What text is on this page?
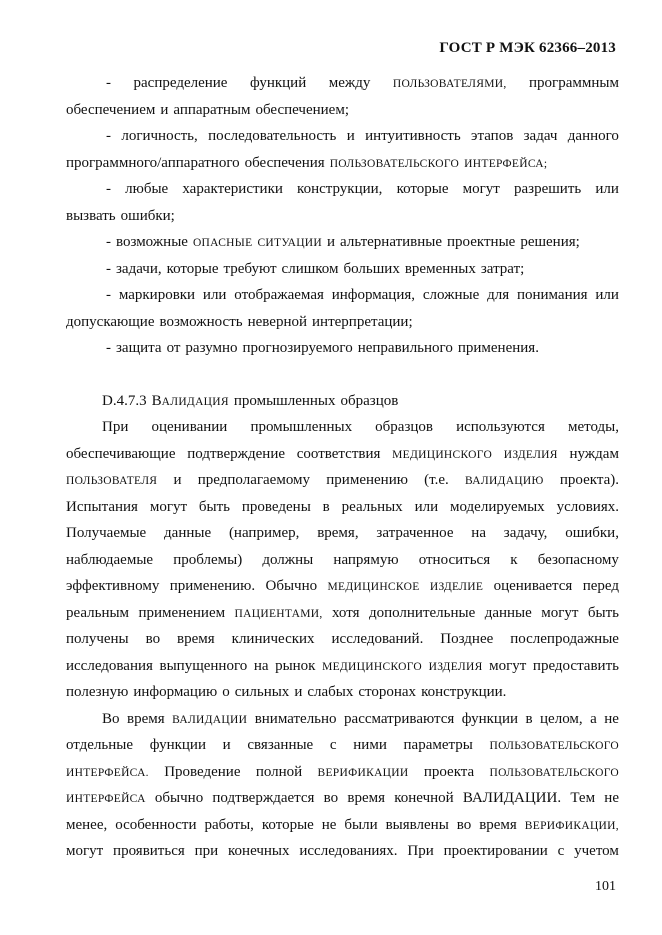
ГОСТ Р МЭК 62366–2013
- распределение функций между ПОЛЬЗОВАТЕЛЯМИ, программным
обеспечением и аппаратным обеспечением;
- логичность, последовательность и интуитивность этапов задач данного
программного/аппаратного обеспечения ПОЛЬЗОВАТЕЛЬСКОГО ИНТЕРФЕЙСА;
- любые характеристики конструкции, которые могут разрешить или
вызвать ошибки;
- возможные ОПАСНЫЕ СИТУАЦИИ и альтернативные проектные решения;
- задачи, которые требуют слишком больших временных затрат;
- маркировки или отображаемая информация, сложные для понимания или
допускающие возможность неверной интерпретации;
- защита от разумно прогнозируемого неправильного применения.
D.4.7.3 ВАЛИДАЦИЯ промышленных образцов
При оценивании промышленных образцов используются методы,
обеспечивающие подтверждение соответствия МЕДИЦИНСКОГО ИЗДЕЛИЯ нуждам
ПОЛЬЗОВАТЕЛЯ и предполагаемому применению (т.е. ВАЛИДАЦИЮ проекта).
Испытания могут быть проведены в реальных или моделируемых условиях.
Получаемые данные (например, время, затраченное на задачу, ошибки,
наблюдаемые проблемы) должны напрямую относиться к безопасному
эффективному применению. Обычно МЕДИЦИНСКОЕ ИЗДЕЛИЕ оценивается перед
реальным применением ПАЦИЕНТАМИ, хотя дополнительные данные могут быть
получены во время клинических исследований. Позднее послепродажные
исследования выпущенного на рынок МЕДИЦИНСКОГО ИЗДЕЛИЯ могут предоставить
полезную информацию о сильных и слабых сторонах конструкции.
Во время ВАЛИДАЦИИ внимательно рассматриваются функции в целом, а не
отдельные функции и связанные с ними параметры ПОЛЬЗОВАТЕЛЬСКОГО
ИНТЕРФЕЙСА. Проведение полной ВЕРИФИКАЦИИ проекта ПОЛЬЗОВАТЕЛЬСКОГО
ИНТЕРФЕЙСА обычно подтверждается во время конечной ВАЛИДАЦИИ. Тем не
менее, особенности работы, которые не были выявлены во время ВЕРИФИКАЦИИ,
могут проявиться при конечных исследованиях. При проектировании с учетом
101
